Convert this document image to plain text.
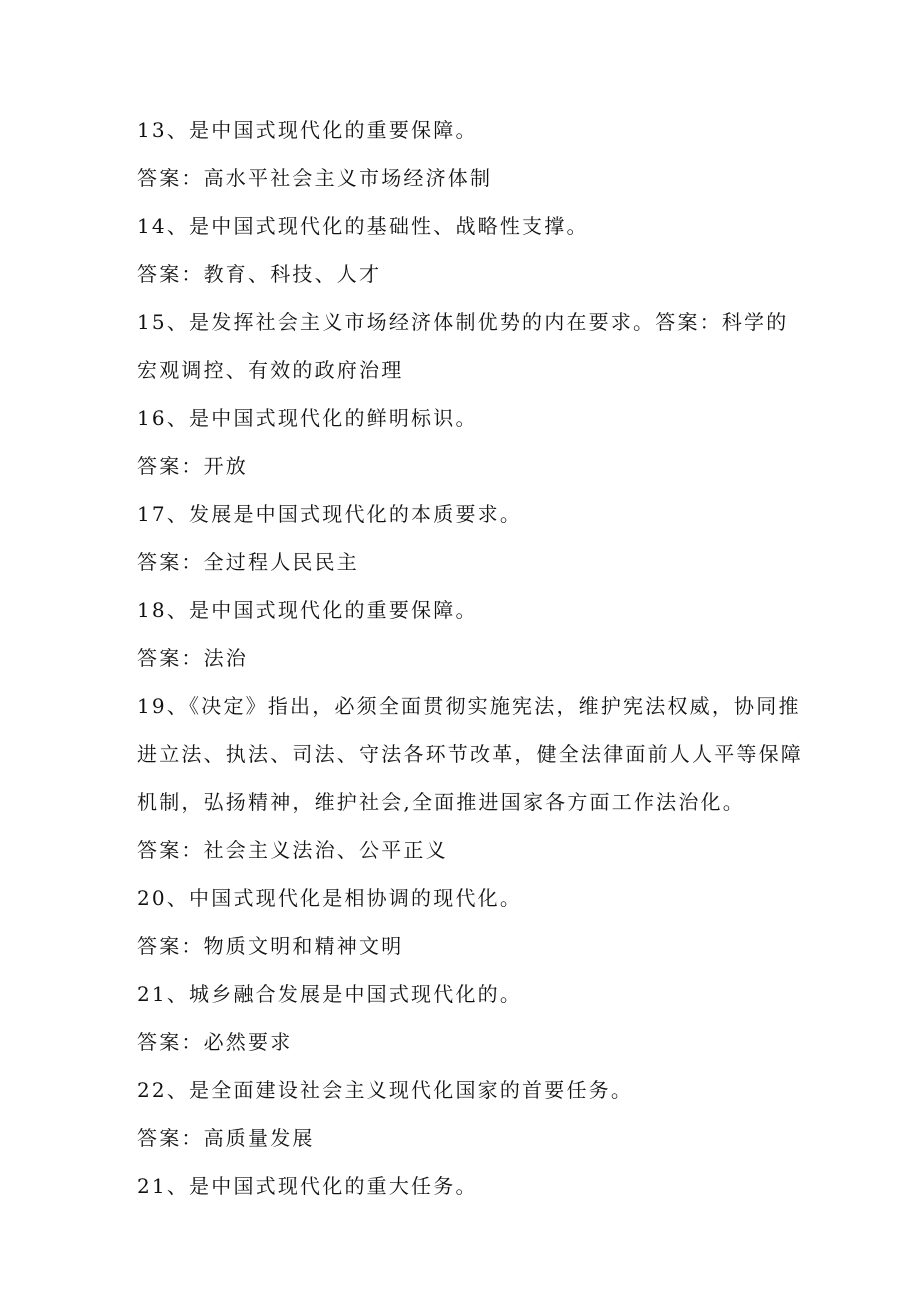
13、是中国式现代化的重要保障。
答案：高水平社会主义市场经济体制
14、是中国式现代化的基础性、战略性支撑。
答案：教育、科技、人才
15、是发挥社会主义市场经济体制优势的内在要求。答案：科学的
宏观调控、有效的政府治理
16、是中国式现代化的鲜明标识。
答案：开放
17、发展是中国式现代化的本质要求。
答案：全过程人民民主
18、是中国式现代化的重要保障。
答案：法治
19、《决定》指出，必须全面贯彻实施宪法，维护宪法权威，协同推
进立法、执法、司法、守法各环节改革，健全法律面前人人平等保障
机制，弘扬精神，维护社会,全面推进国家各方面工作法治化。
答案：社会主义法治、公平正义
20、中国式现代化是相协调的现代化。
答案：物质文明和精神文明
21、城乡融合发展是中国式现代化的。
答案：必然要求
22、是全面建设社会主义现代化国家的首要任务。
答案：高质量发展
21、是中国式现代化的重大任务。
